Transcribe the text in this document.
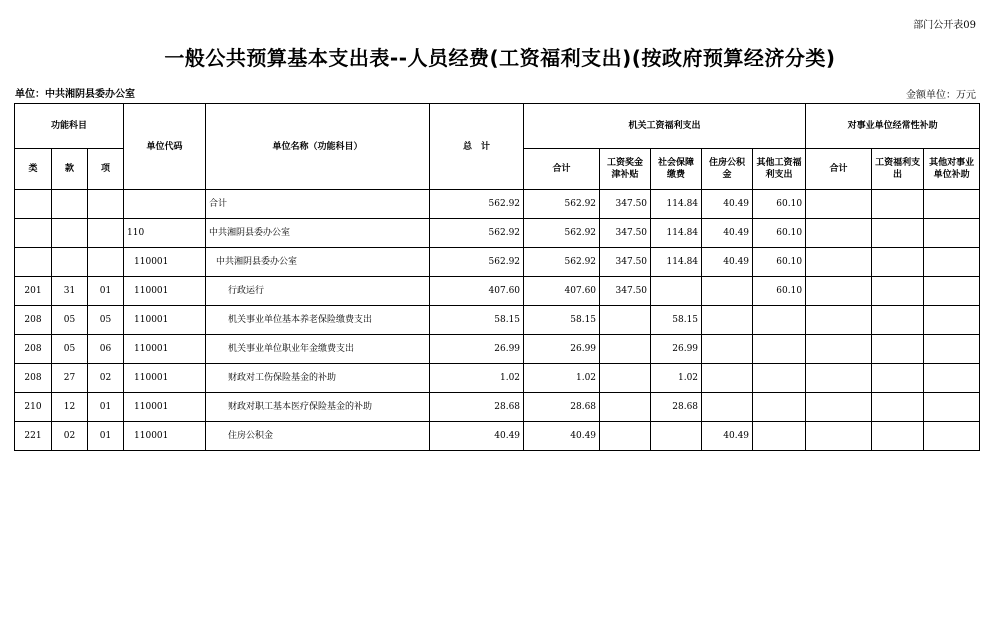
部门公开表09
一般公共预算基本支出表--人员经费(工资福利支出)(按政府预算经济分类)
单位：中共湘阴县委办公室	金额单位：万元
功能科目			单位代码	单位名称（功能科目）	总　计	机关工资福利支出					对事业单位经常性补助		
类	款	项				合计	工资奖金津补贴	社会保障缴费	住房公积金	其他工资福利支出	合计	工资福利支出	其他对事业单位补助
				合计	562.92	562.92	347.50	114.84	40.49	60.10			
			110	中共湘阴县委办公室	562.92	562.92	347.50	114.84	40.49	60.10			
			110001	中共湘阴县委办公室	562.92	562.92	347.50	114.84	40.49	60.10			
201	31	01	110001	行政运行	407.60	407.60	347.50			60.10			
208	05	05	110001	机关事业单位基本养老保险缴费支出	58.15	58.15		58.15					
208	05	06	110001	机关事业单位职业年金缴费支出	26.99	26.99		26.99					
208	27	02	110001	财政对工伤保险基金的补助	1.02	1.02		1.02					
210	12	01	110001	财政对职工基本医疗保险基金的补助	28.68	28.68		28.68					
221	02	01	110001	住房公积金	40.49	40.49			40.49				
